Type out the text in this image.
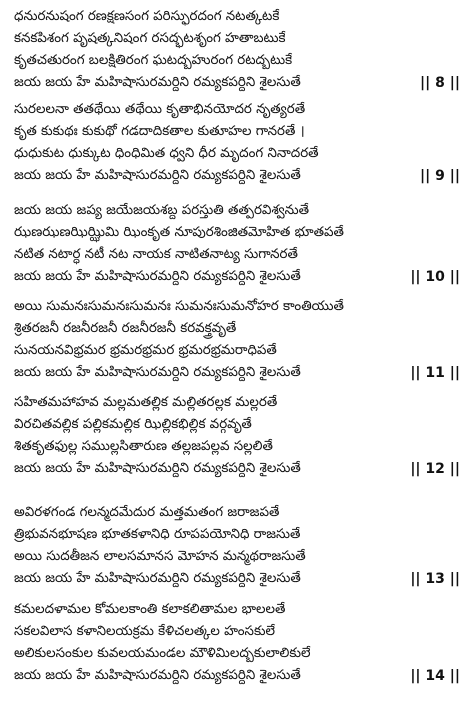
ధనురనుషంగ రణక్షణసంగ పరిస్ఫురదంగ నటత్కటకే
కనకపిశంగ పృషత్కనిషంగ రసద్భటశృంగ హతాబటుకే
కృతచతురంగ బలక్షితిరంగ ఘటద్బహురంగ రటద్బటుకే
జయ జయ హే మహిషాసురమర్దిని రమ్యకపర్దిని శైలసుతే	|| 8 ||
సురలలనా తతథేయి తథేయి కృతాభినయోదర నృత్యరతే
కృత కుకుథః కుకుథో గడదాదికతాల కుతూహల గానరతే ।
ధుధుకుట ధుక్కుట ధింధిమిత ధ్వని ధీర మృదంగ నినాదరతే
జయ జయ హే మహిషాసురమర్దిని రమ్యకపర్దిని శైలసుతే	|| 9 ||
జయ జయ జప్య జయేజయశబ్ద పరస్తుతి తత్పరవిశ్వనుతే
ఝణఝణఝిఝ్ఝిమి ఝింకృత నూపురశింజితమోహిత భూతపతే
నటిత నటార్ధ నటీ నట నాయక నాటితనాట్య సుగానరతే
జయ జయ హే మహిషాసురమర్దిని రమ్యకపర్దిని శైలసుతే	|| 10 ||
అయి సుమనఃసుమనఃసుమనః సుమనఃసుమనోహర కాంతియుతే
శ్రితరజనీ రజనీరజనీ రజనీరజనీ కరవక్త్రవృతే
సునయనవిభ్రమర భ్రమరభ్రమర భ్రమరభ్రమరాధిపతే
జయ జయ హే మహిషాసురమర్దిని రమ్యకపర్దిని శైలసుతే	|| 11 ||
సహితమహాహవ మల్లమతల్లిక మల్లితరల్లక మల్లరతే
విరచితవల్లిక పల్లికమల్లిక ఝిల్లికభిల్లిక వర్గవృతే
శితకృతఫుల్ల సముల్లసితారుణ తల్లజపల్లవ సల్లలితే
జయ జయ హే మహిషాసురమర్దిని రమ్యకపర్దిని శైలసుతే	|| 12 ||
అవిరళగండ గలన్మదమేదుర మత్తమతంగ జరాజపతే
త్రిభువనభూషణ భూతకళానిధి రూపపయోనిధి రాజసుతే
అయి సుదతీజన లాలసమానస మోహన మన్మథరాజసుతే
జయ జయ హే మహిషాసురమర్దిని రమ్యకపర్దిని శైలసుతే	|| 13 ||
కమలదళామల కోమలకాంతి కలాకలితామల భాలలతే
సకలవిలాస కళానిలయక్రమ కేళిచలత్కల హంసకులే
అలికులసంకుల కువలయమండల మౌళిమిలద్బకులాలికులే
జయ జయ హే మహిషాసురమర్దిని రమ్యకపర్దిని శైలసుతే	|| 14 ||
